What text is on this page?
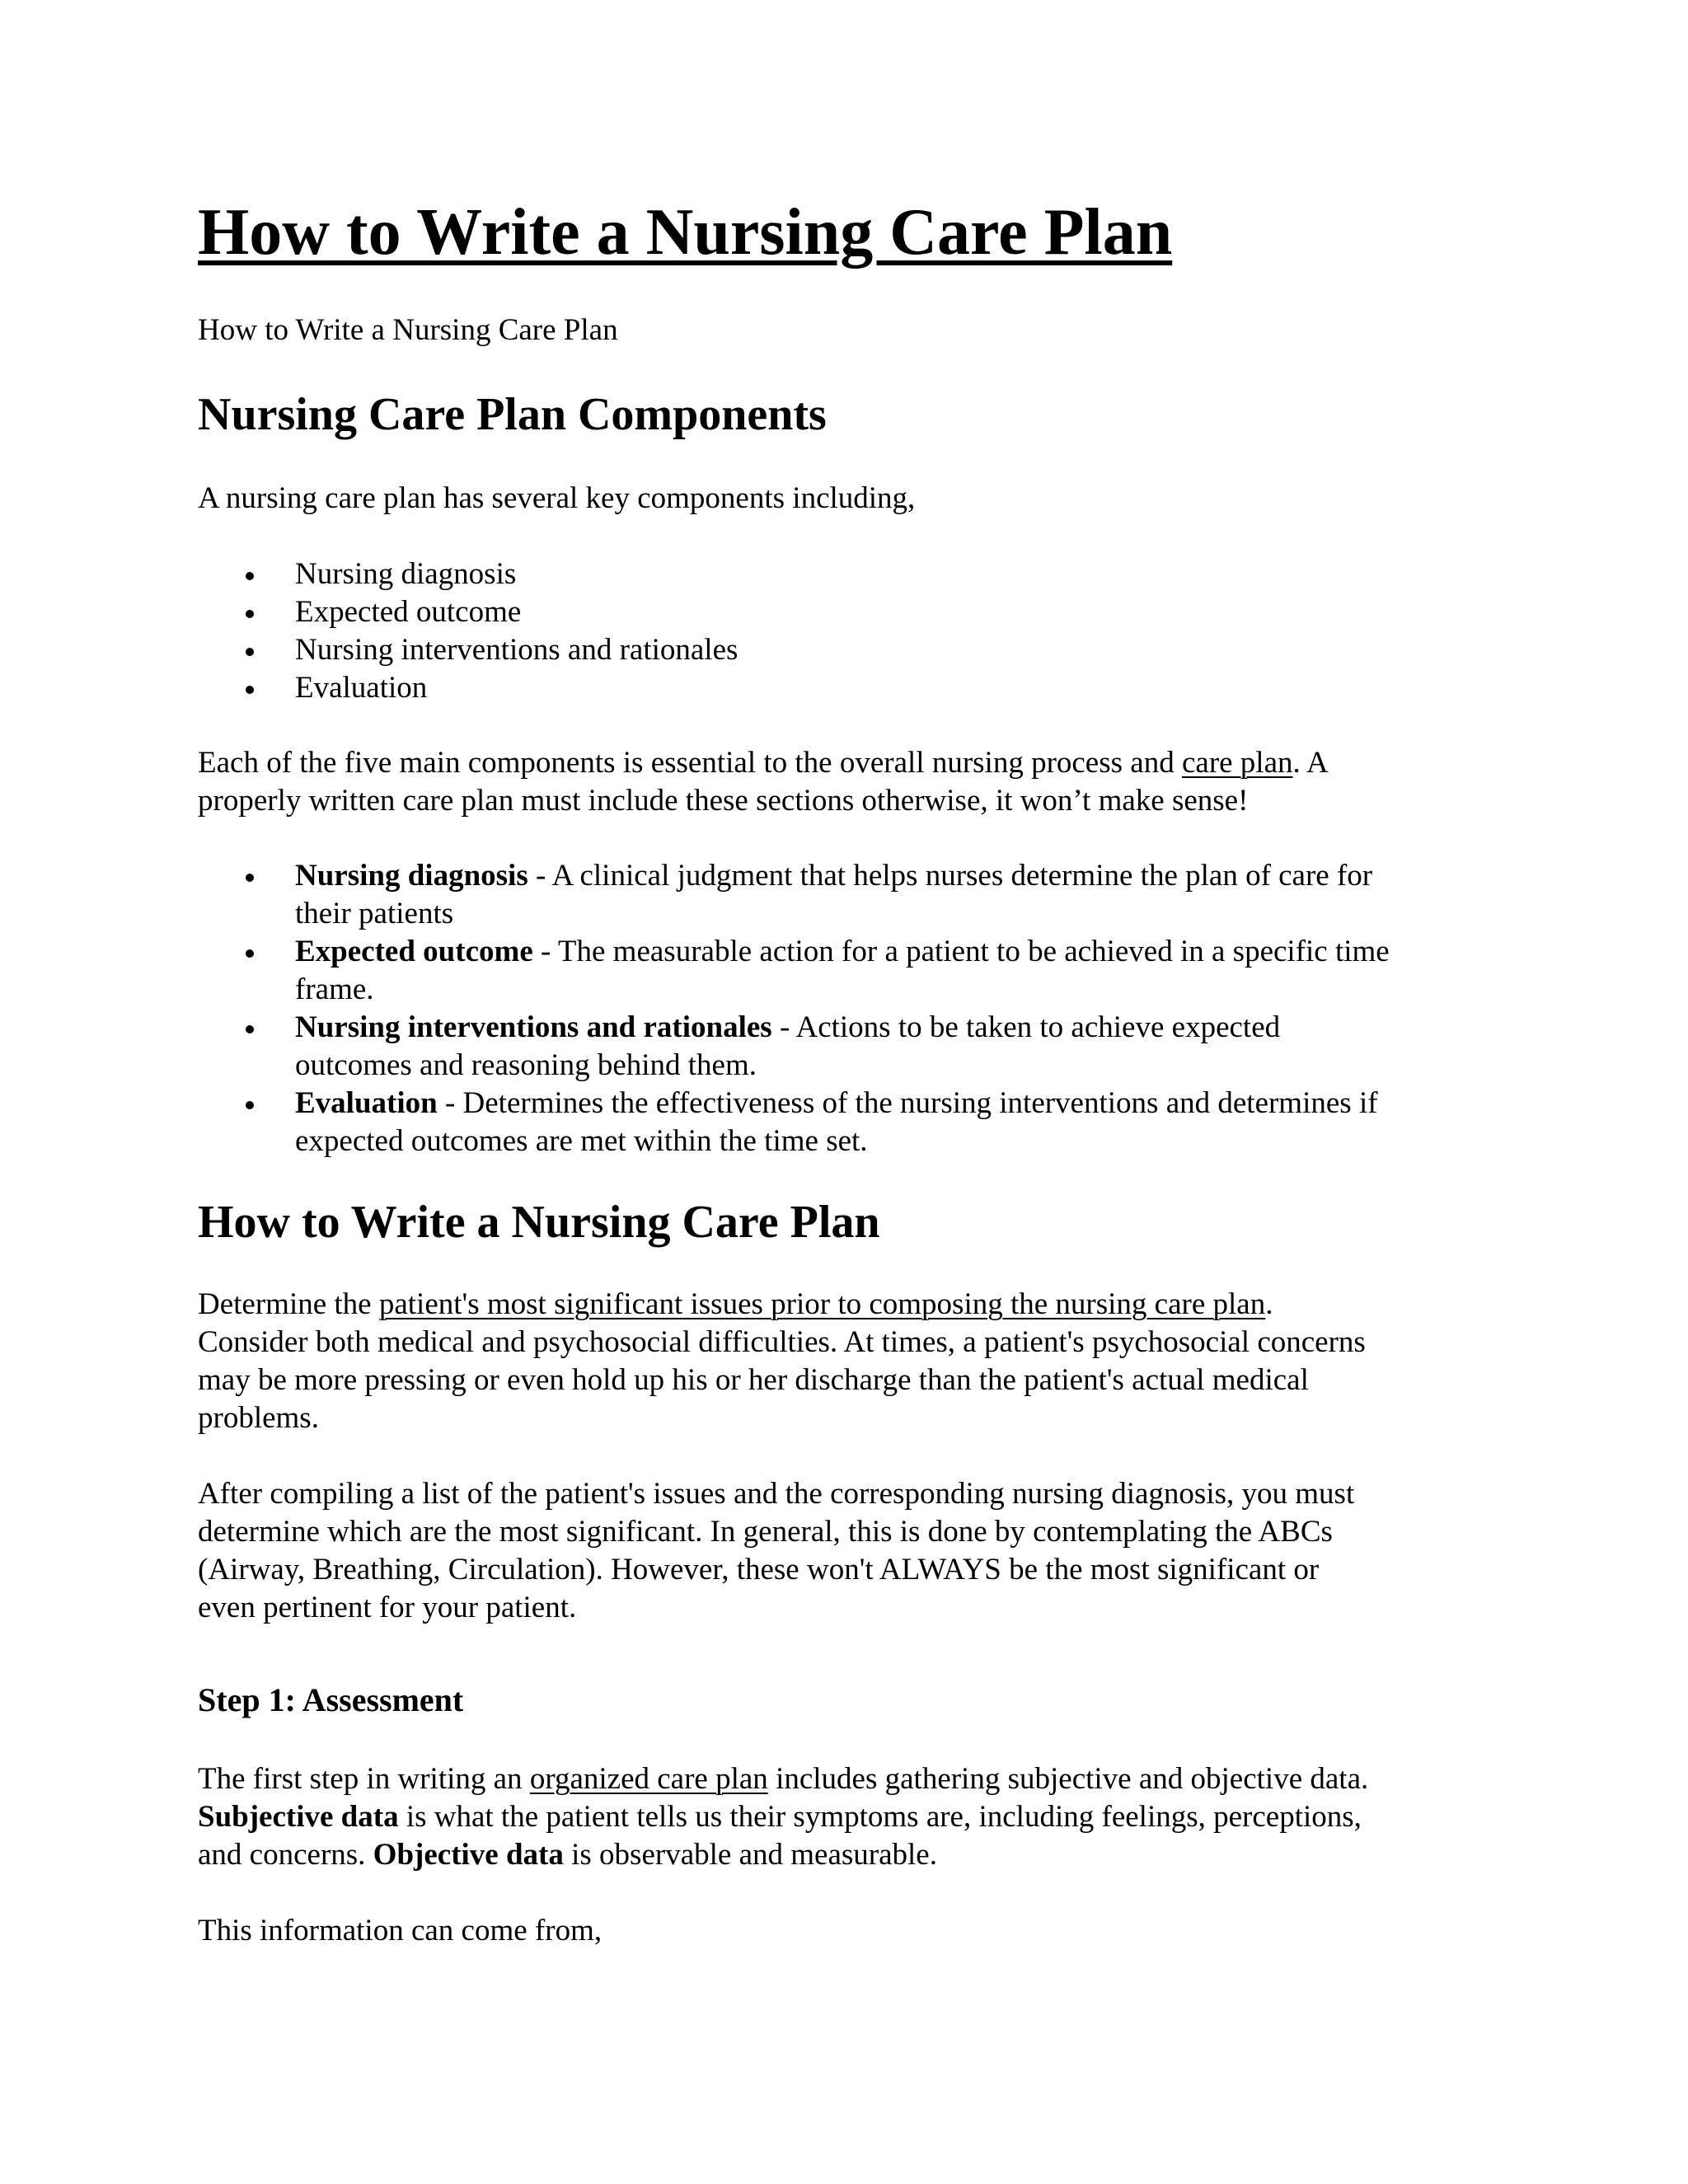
How to Write a Nursing Care Plan

How to Write a Nursing Care Plan

Nursing Care Plan Components

A nursing care plan has several key components including,

Nursing diagnosis
Expected outcome
Nursing interventions and rationales
Evaluation

Each of the five main components is essential to the overall nursing process and care plan. A
properly written care plan must include these sections otherwise, it won’t make sense!

Nursing diagnosis - A clinical judgment that helps nurses determine the plan of care for
their patients
Expected outcome - The measurable action for a patient to be achieved in a specific time
frame.
Nursing interventions and rationales - Actions to be taken to achieve expected
outcomes and reasoning behind them.
Evaluation - Determines the effectiveness of the nursing interventions and determines if
expected outcomes are met within the time set.
How to Write a Nursing Care Plan

Determine the patient's most significant issues prior to composing the nursing care plan.
Consider both medical and psychosocial difficulties. At times, a patient's psychosocial concerns
may be more pressing or even hold up his or her discharge than the patient's actual medical
problems.

After compiling a list of the patient's issues and the corresponding nursing diagnosis, you must
determine which are the most significant. In general, this is done by contemplating the ABCs
(Airway, Breathing, Circulation). However, these won't ALWAYS be the most significant or
even pertinent for your patient.

Step 1: Assessment

The first step in writing an organized care plan includes gathering subjective and objective data.
Subjective data is what the patient tells us their symptoms are, including feelings, perceptions,
and concerns. Objective data is observable and measurable.

This information can come from,
